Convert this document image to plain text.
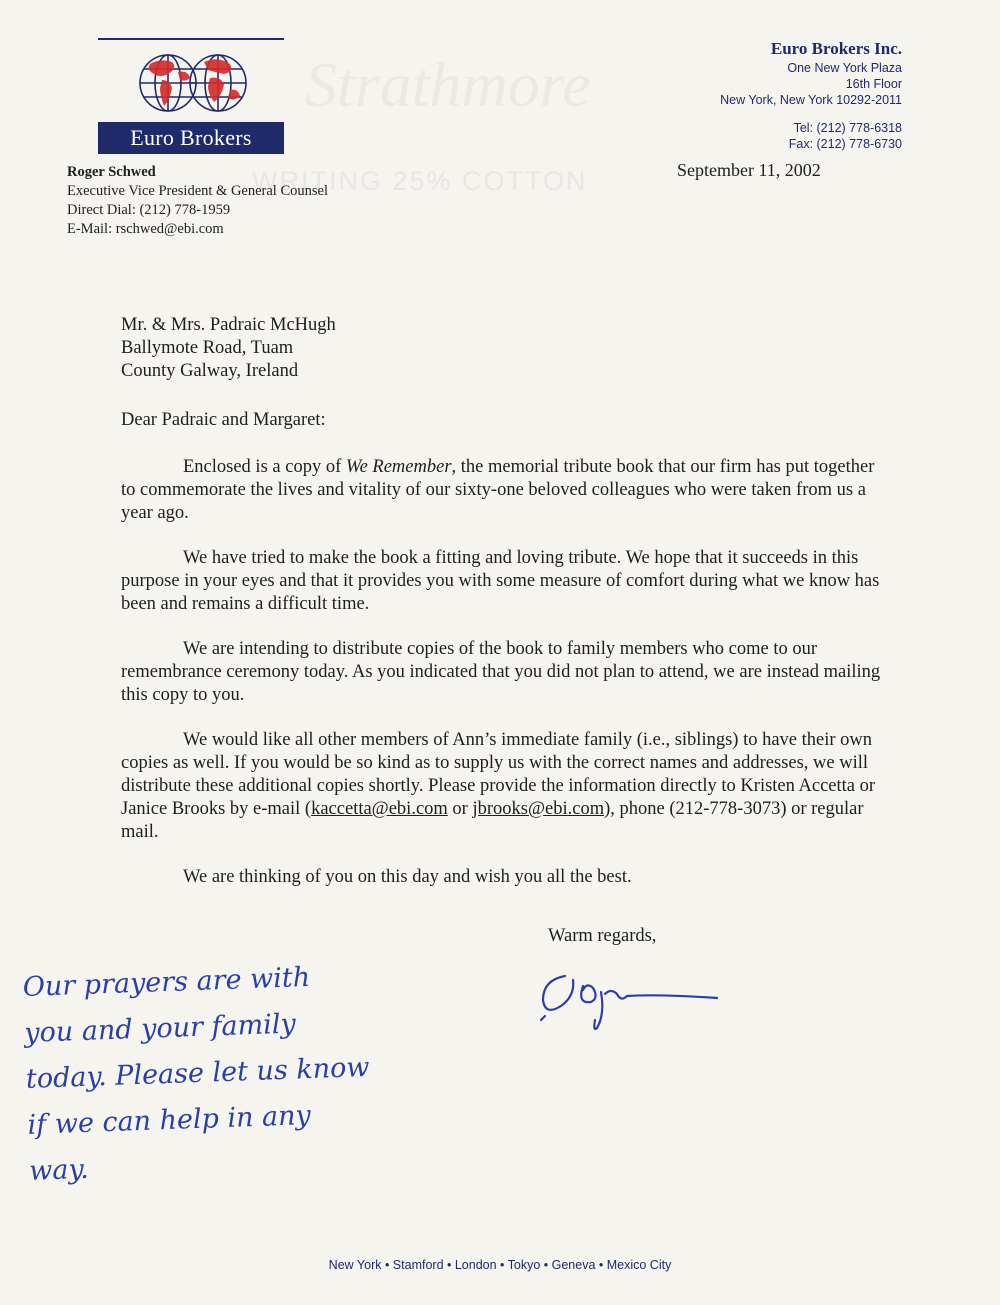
Euro Brokers
Strathmore
WRITING 25% COTTON
Euro Brokers Inc.
One New York Plaza
16th Floor
New York, New York 10292-2011
Tel: (212) 778-6318
Fax: (212) 778-6730
Roger Schwed
Executive Vice President & General Counsel
Direct Dial: (212) 778-1959
E-Mail: rschwed@ebi.com
September 11, 2002
Mr. & Mrs. Padraic McHugh
Ballymote Road, Tuam
County Galway, Ireland
Dear Padraic and Margaret:

Enclosed is a copy of We Remember, the memorial tribute book that our firm has put together to commemorate the lives and vitality of our sixty-one beloved colleagues who were taken from us a year ago.

We have tried to make the book a fitting and loving tribute. We hope that it succeeds in this purpose in your eyes and that it provides you with some measure of comfort during what we know has been and remains a difficult time.

We are intending to distribute copies of the book to family members who come to our remembrance ceremony today. As you indicated that you did not plan to attend, we are instead mailing this copy to you.

We would like all other members of Ann’s immediate family (i.e., siblings) to have their own copies as well. If you would be so kind as to supply us with the correct names and addresses, we will distribute these additional copies shortly. Please provide the information directly to Kristen Accetta or Janice Brooks by e-mail (kaccetta@ebi.com or jbrooks@ebi.com), phone (212-778-3073) or regular mail.

We are thinking of you on this day and wish you all the best.

Warm regards,
Our prayers are with
you and your family
today. Please let us know
if we can help in any
way.
New York • Stamford • London • Tokyo • Geneva • Mexico City
